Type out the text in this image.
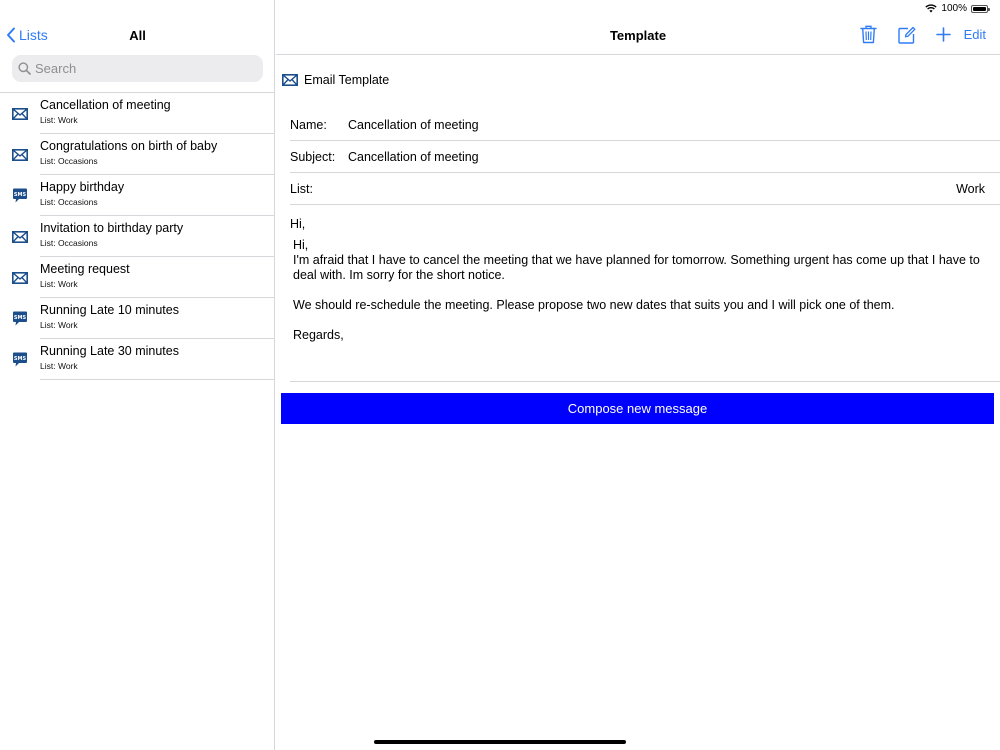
100%
Lists	All
Search
Cancellation of meeting
List: Work
Congratulations on birth of baby
List: Occasions
SMS
Happy birthday
List: Occasions
Invitation to birthday party
List: Occasions
Meeting request
List: Work
SMS
Running Late 10 minutes
List: Work
SMS
Running Late 30 minutes
List: Work
Template	Edit
Email Template
Name: Cancellation of meeting
Subject: Cancellation of meeting
List:	Work
Hi,
Hi,

I'm afraid that I have to cancel the meeting that we have planned for tomorrow. Something urgent has come up that I have to deal with. Im sorry for the short notice.

We should re-schedule the meeting. Please propose two new dates that suits you and I will pick one of them.

Regards,

Compose new message
